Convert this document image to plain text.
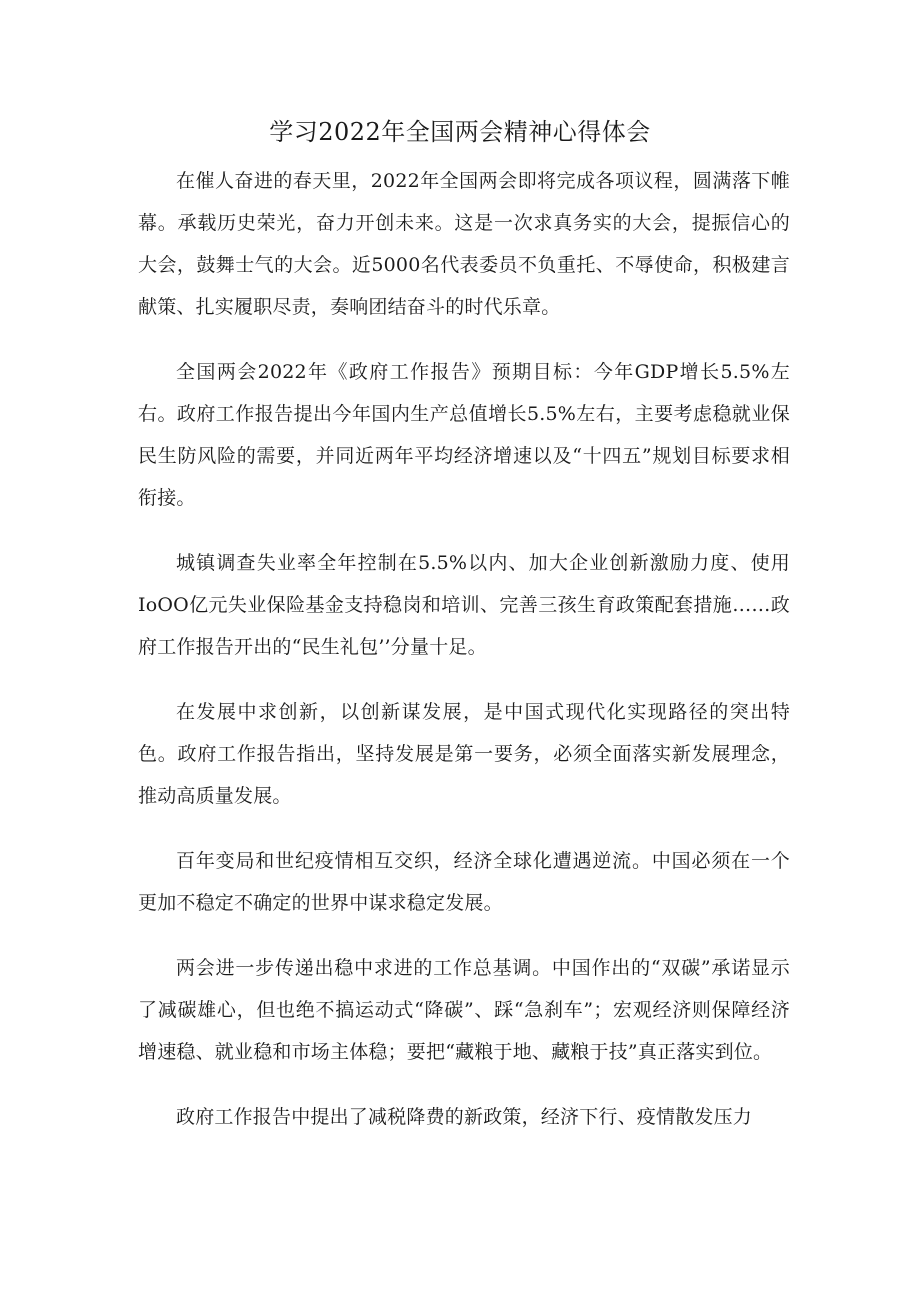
学习2022年全国两会精神心得体会

在催人奋进的春天里，2022年全国两会即将完成各项议程，圆满落下帷幕。承载历史荣光，奋力开创未来。这是一次求真务实的大会，提振信心的大会，鼓舞士气的大会。近5000名代表委员不负重托、不辱使命，积极建言献策、扎实履职尽责，奏响团结奋斗的时代乐章。

全国两会2022年《政府工作报告》预期目标：今年GDP增长5.5%左右。政府工作报告提出今年国内生产总值增长5.5%左右，主要考虑稳就业保民生防风险的需要，并同近两年平均经济增速以及“十四五”规划目标要求相衔接。

城镇调查失业率全年控制在5.5%以内、加大企业创新激励力度、使用IoOO亿元失业保险基金支持稳岗和培训、完善三孩生育政策配套措施……政府工作报告开出的“民生礼包’’分量十足。

在发展中求创新，以创新谋发展，是中国式现代化实现路径的突出特色。政府工作报告指出，坚持发展是第一要务，必须全面落实新发展理念，推动高质量发展。

百年变局和世纪疫情相互交织，经济全球化遭遇逆流。中国必须在一个更加不稳定不确定的世界中谋求稳定发展。

两会进一步传递出稳中求进的工作总基调。中国作出的“双碳”承诺显示了减碳雄心，但也绝不搞运动式“降碳”、踩“急刹车”；宏观经济则保障经济增速稳、就业稳和市场主体稳；要把“藏粮于地、藏粮于技”真正落实到位。

政府工作报告中提出了减税降费的新政策，经济下行、疫情散发压力
